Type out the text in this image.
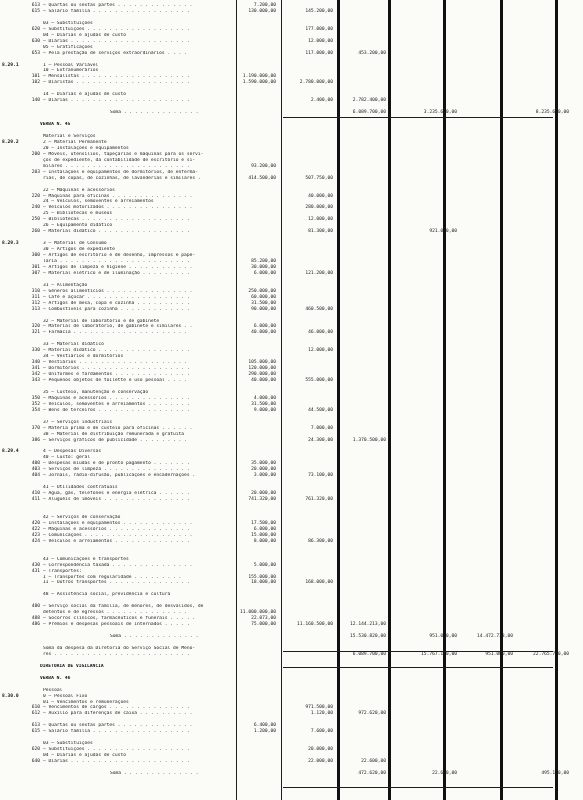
613 — Quartas ou sextas partes . . . . . . . . . . . . . .	7.200,00
615 — Salário família . . . . . . . . . . . . . . . . . .	130.000,00	145.200,00
03 — Substituições
620 — Substituições . . . . . . . . . . . . . . . . . . .	177.000,00
04 — Diárias e ajudas de custo
630 — Diárias . . . . . . . . . . . . . . . . . . . . . .	12.000,00
05 — Gratificações
653 — Pela prestação de serviços extraordinários . . . .	117.000,00	453.200,00
8.29.1	1 — Pessoal Variável
10 — Extranumerários
101 — Mensalistas . . . . . . . . . . . . . . . . . . . .	1.190.000,00
102 — Diaristas . . . . . . . . . . . . . . . . . . . . .	1.590.000,00	2.780.000,00
14 — Diárias e ajudas de custo
140 — Diárias . . . . . . . . . . . . . . . . . . . . . .	2.400,00	2.782.400,00
Soma . . . . . . . . . . . . . .	6.089.700,00	3.235.600,00	8.235.600,00
VERBA N. 45
Material e Serviços
8.29.2	2 — Material Permanente
20 — Instalações e equipamentos
200 — Móveis, utensílios, tapeçarias e máquinas para os servi-
ços de expediente, da contabilidade de escritório e si-
milares . . . . . . . . . . . . . . . . . . . . . . .	93.200,00
203 — Instalações e equipamentos de dormitórios, de enferma-
rias, de copas, de cozinhas, de lavanderias e similares .	414.500,00	507.750,00
22 — Máquinas e acessórios
220 — Máquinas para oficinas . . . . . . . . . . . . . . .	40.000,00
24 — Veículos, semoventes e arreiamentos
240 — Veículos motorizados . . . . . . . . . . . . . . . .	280.000,00
25 — Bibliotecas e museus
250 — Bibliotecas . . . . . . . . . . . . . . . . . . . .	12.000,00
26 — Equipamento didático
260 — Material didático . . . . . . . . . . . . . . . . .	81.300,00	921.000,00
8.29.3	3 — Material de Consumo
30 — Artigos de expediente
300 — Artigos de escritório e de desenho, impressos e pape-
laria . . . . . . . . . . . . . . . . . . . . . . . .	85.200,00
301 — Artigos de limpeza e higiene . . . . . . . . . . . .	30.000,00
307 — Material elétrico e de iluminação . . . . . . . . .	6.000,00	121.200,00
31 — Alimentação
310 — Gêneros alimentícios . . . . . . . . . . . . . . . .	250.000,00
311 — Café e açúcar . . . . . . . . . . . . . . . . . . .	60.000,00
312 — Artigos de mesa, copa e cozinha . . . . . . . . . .	31.500,00
313 — Combustíveis para cozinha . . . . . . . . . . . . .	90.000,00	460.500,00
32 — Material de laboratório e de gabinete
320 — Material de laboratório, de gabinete e similares . .	6.000,00
321 — Farmácia . . . . . . . . . . . . . . . . . . . . .	40.000,00	46.000,00
33 — Material didático
330 — Material didático . . . . . . . . . . . . . . . . .	12.000,00
34 — Vestiários e dormitórios
340 — Vestiários . . . . . . . . . . . . . . . . . . . .	105.000,00
341 — Dormitórios . . . . . . . . . . . . . . . . . . . .	120.000,00
342 — Uniformes e fardamentos . . . . . . . . . . . . . .	290.000,00
343 — Pequenos objetos de toilette e uso pessoal . . . .	40.000,00	555.000,00
35 — Custeio, manutenção e conservação
350 — Máquinas e acessórios . . . . . . . . . . . . . . .	4.000,00
352 — Veículos, semoventes e arreiamentos . . . . . . . .	31.500,00
354 — Bens de terceiros . . . . . . . . . . . . . . . . .	9.000,00	44.500,00
37 — Serviços industriais
370 — Matéria prima e de custeio para oficinas . . . . . .	7.000,00
38 — Material de distribuição remunerada e gratuita
386 — Serviços gráficos de publicidade . . . . . . . . .	24.300,00	1.370.500,00
8.29.4	4 — Despesas Diversas
40 — Custo: geral
400 — Despesas miúdas e de pronto pagamento . . . . . . .	35.000,00
403 — Serviços de limpeza . . . . . . . . . . . . . . . .	20.000,00
404 — Jornais, rádio-difusão, publicações e encadernações .	3.000,00	73.100,00
41 — Utilidades contratuais
410 — Água, gás, telefones e energia elétrica . . . . . .	20.000,00
411 — Aluguéis de imóveis . . . . . . . . . . . . . . . .	741.320,00	761.320,00
42 — Serviços de conservação
420 — Instalações e equipamentos . . . . . . . . . . . . .	17.500,00
422 — Máquinas e acessórios . . . . . . . . . . . . . . .	6.000,00
423 — Comunicações . . . . . . . . . . . . . . . . . . . .	15.000,00
424 — Veículos e arreiamentos . . . . . . . . . . . . . .	8.000,00	86.300,00
43 — Comunicações e transportes
430 — Correspondência taxada . . . . . . . . . . . . . . .	5.000,00
431 — Transportes:
I — Transportes com regularidade . . . . . . . . .	155.000,00
II — Outros transportes . . . . . . . . . . . . . . .	18.000,00	168.000,00
48 — Assistência social, previdência e cultura
480 — Serviço social da família, de menores, de desvalidos, de
detentos e de egressos . . . . . . . . . . . . . . .	11.000.000,00
488 — Socorros clínicos, farmacêuticos e funerais . . . . .	22.073,00
486 — Prêmios e despesas pessoais de internados . . . . .	75.000,00	11.160.500,00	12.144.213,00
Soma . . . . . . . . . . . . . .	15.530.820,00	951.000,00	14.472.733,00
Soma da despesa da Diretoria do Serviço Social de Meno-
res . . . . . . . . . . . . . . . . . . . . . . . . .	6.089.700,00	15.767.110,00	951.000,00	22.765.730,00
DIRETORIA DE VIGILÂNCIA
VERBA N. 46
Pessoal
8.30.0	0 — Pessoal Fixo
01 — Vencimentos e remunerações
610 — Vencimentos de cargos . . . . . . . . . . . . . . .	971.500,00
612 — Auxílio para diferenças de caixa . . . . . . . . . .	1.120,00	972.620,00
613 — Quartas ou sextas partes . . . . . . . . . . . . . .	6.400,00
615 — Salário família . . . . . . . . . . . . . . . . . .	1.200,00	7.600,00
03 — Substituições
620 — Substituições . . . . . . . . . . . . . . . . . . .	20.000,00
04 — Diárias e ajudas de custo
640 — Diárias . . . . . . . . . . . . . . . . . . . . . .	22.000,00	22.600,00
Soma . . . . . . . . . . . . . .	472.620,00	22.600,00	495.120,00
